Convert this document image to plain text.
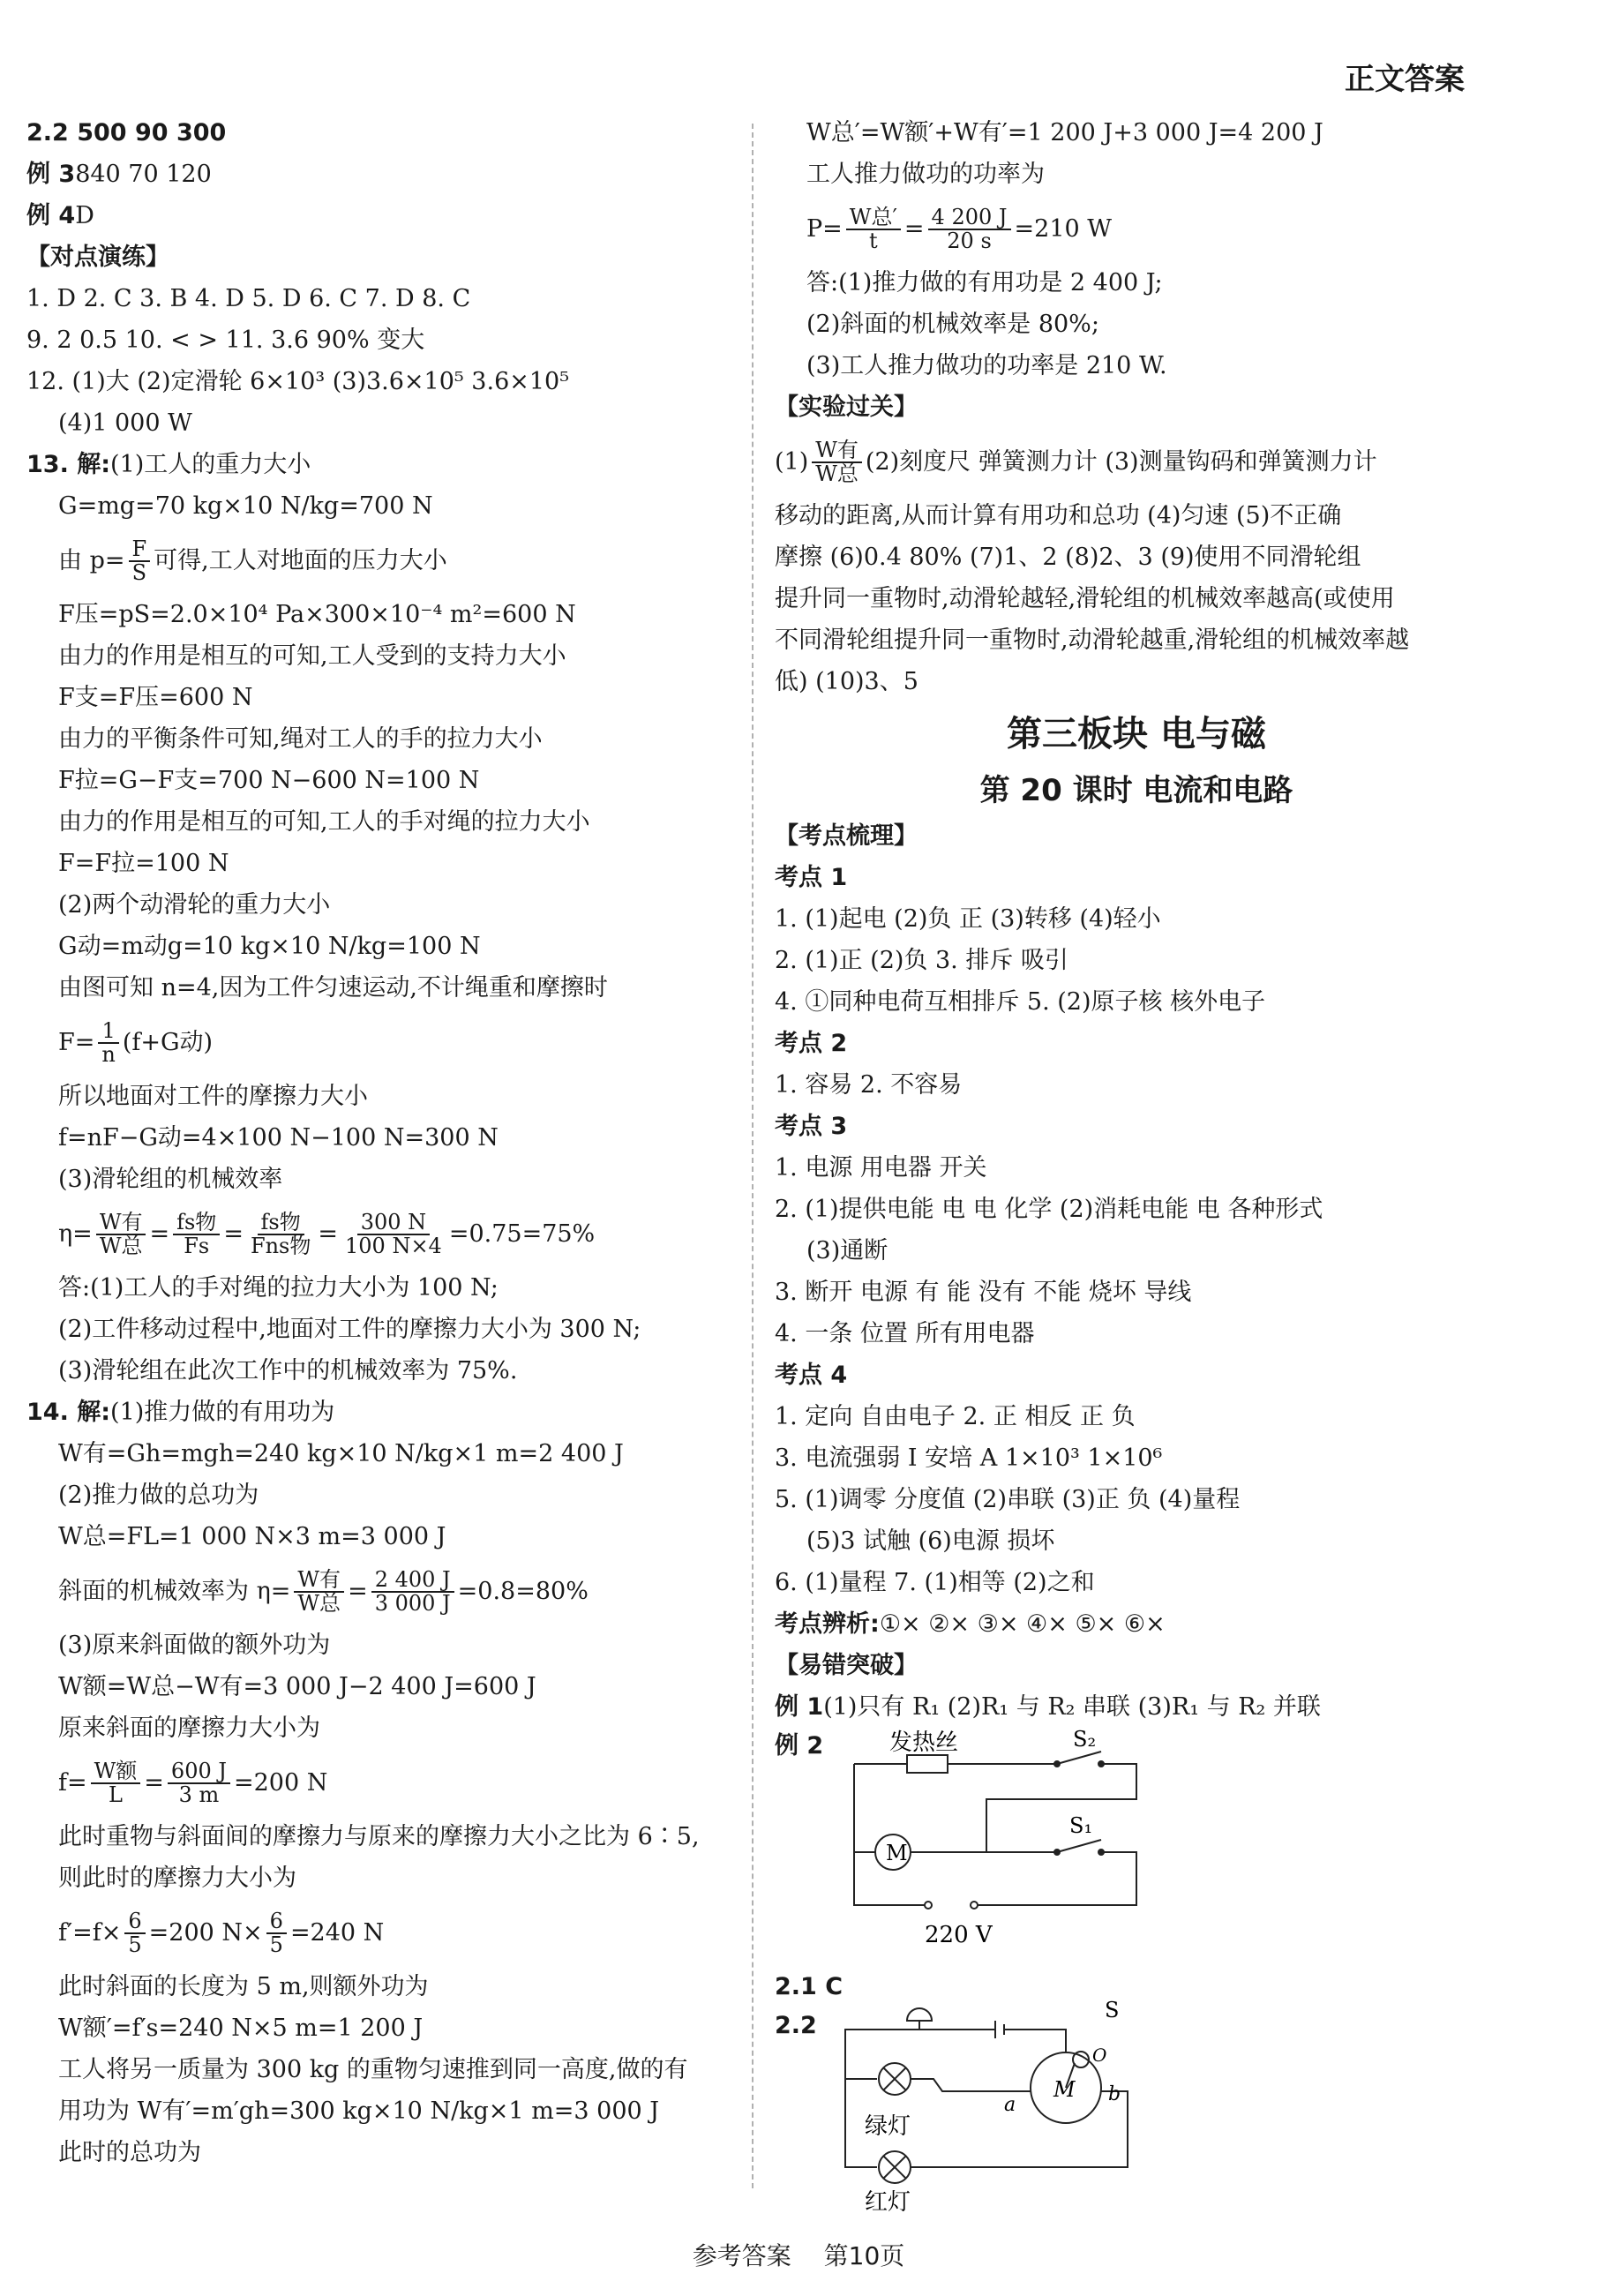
正文答案
2.2 500 90 300
例 3 840 70 120
例 4 D
【对点演练】
1. D 2. C 3. B 4. D 5. D 6. C 7. D 8. C
9. 2 0.5 10. < > 11. 3.6 90% 变大
12. (1)大 (2)定滑轮 6×10³ (3)3.6×10⁵ 3.6×10⁵
(4)1 000 W
13. 解: (1)工人的重力大小
G=mg=70 kg×10 N/kg=700 N
由 $p= \frac{F}{S}$ 可得,工人对地面的压力大小
F压=pS=2.0×10⁴ Pa×300×10⁻⁴ m²=600 N
由力的作用是相互的可知,工人受到的支持力大小
F支=F压=600 N
由力的平衡条件可知,绳对工人的手的拉力大小
F拉=G−F支=700 N−600 N=100 N
由力的作用是相互的可知,工人的手对绳的拉力大小
F=F拉=100 N
(2)两个动滑轮的重力大小
G动=m动g=10 kg×10 N/kg=100 N
由图可知 n=4,因为工件匀速运动,不计绳重和摩擦时
$F= \frac{1}{n} (f+G$动)
所以地面对工件的摩擦力大小
f=nF−G动=4×100 N−100 N=300 N
(3)滑轮组的机械效率
$\eta= \frac{\text{W有}}{\text{W总}} = \frac{\text{fs物}}{Fs} = \frac{\text{fs物}}{\text{Fns物}} = \frac{300 N}{100 N\times 4} =0.75=75\%$
答:(1)工人的手对绳的拉力大小为 100 N;
(2)工件移动过程中,地面对工件的摩擦力大小为 300 N;
(3)滑轮组在此次工作中的机械效率为 75%.
14. 解: (1)推力做的有用功为
W有=Gh=mgh=240 kg×10 N/kg×1 m=2 400 J
(2)推力做的总功为
W总=FL=1 000 N×3 m=3 000 J
斜面的机械效率为 $\eta= \frac{\text{W有}}{\text{W总}} = \frac{2 400 J}{3 000 J} =0.8=80\%$
(3)原来斜面做的额外功为
W额=W总−W有=3 000 J−2 400 J=600 J
原来斜面的摩擦力大小为
$f= \frac{\text{W额}}{L} = \frac{600 J}{3 m} =200$ N
此时重物与斜面间的摩擦力与原来的摩擦力大小之比为 6∶5,
则此时的摩擦力大小为
$f'=f\times \frac{6}{5} =200$ $N\times \frac{6}{5} =240$ N
此时斜面的长度为 5 m,则额外功为
W额′=f′s=240 N×5 m=1 200 J
工人将另一质量为 300 kg 的重物匀速推到同一高度,做的有
用功为 W有′=m′gh=300 kg×10 N/kg×1 m=3 000 J
此时的总功为
W总′=W额′+W有′=1 200 J+3 000 J=4 200 J
工人推力做功的功率为
$P= \frac{\text{W总′}}{t} = \frac{4 200 J}{20 s} =210$ W
答:(1)推力做的有用功是 2 400 J;
(2)斜面的机械效率是 80%;
(3)工人推力做功的功率是 210 W.
【实验过关】
$(1) \frac{\text{W有}}{\text{W总}} (2)$刻度尺 弹簧测力计 (3)测量钩码和弹簧测力计
移动的距离,从而计算有用功和总功 (4)匀速 (5)不正确
摩擦 (6)0.4 80% (7)1、2 (8)2、3 (9)使用不同滑轮组
提升同一重物时,动滑轮越轻,滑轮组的机械效率越高(或使用
不同滑轮组提升同一重物时,动滑轮越重,滑轮组的机械效率越
低) (10)3、5
第三板块 电与磁
第 20 课时 电流和电路
【考点梳理】
考点 1
1. (1)起电 (2)负 正 (3)转移 (4)轻小
2. (1)正 (2)负 3. 排斥 吸引
4. ①同种电荷互相排斥 5. (2)原子核 核外电子
考点 2
1. 容易 2. 不容易
考点 3
1. 电源 用电器 开关
2. (1)提供电能 电 电 化学 (2)消耗电能 电 各种形式
(3)通断
3. 断开 电源 有 能 没有 不能 烧坏 导线
4. 一条 位置 所有用电器
考点 4
1. 定向 自由电子 2. 正 相反 正 负
3. 电流强弱 I 安培 A 1×10³ 1×10⁶
5. (1)调零 分度值 (2)串联 (3)正 负 (4)量程
(5)3 试触 (6)电源 损坏
6. (1)量程 7. (1)相等 (2)之和
考点辨析: ①× ②× ③× ④× ⑤× ⑥×
【易错突破】
例 1 (1)只有 R₁ (2)R₁ 与 R₂ 串联 (3)R₁ 与 R₂ 并联
例 2	发热丝	S₂
S₁
M
220 V
2.1 C
2.2
M
S
O
a	b
绿灯
红灯
参考答案 第10页
